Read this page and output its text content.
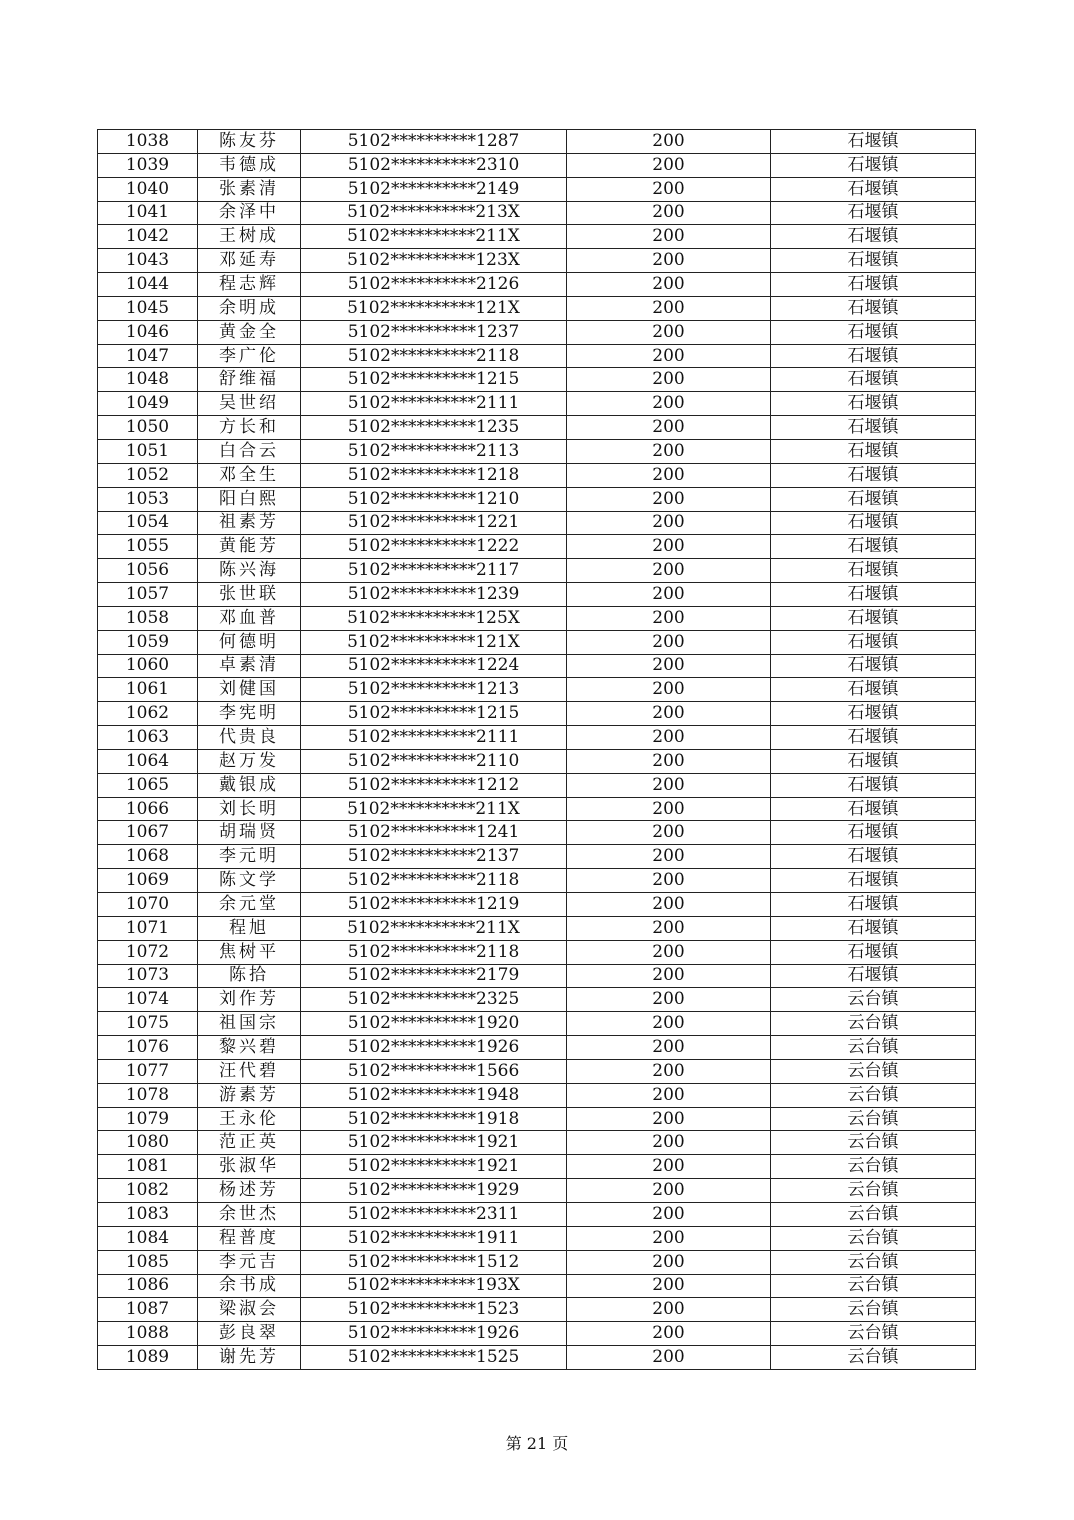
1038	陈友芬	5102**********1287	200	石堰镇
1039	韦德成	5102**********2310	200	石堰镇
1040	张素清	5102**********2149	200	石堰镇
1041	余泽中	5102**********213X	200	石堰镇
1042	王树成	5102**********211X	200	石堰镇
1043	邓延寿	5102**********123X	200	石堰镇
1044	程志辉	5102**********2126	200	石堰镇
1045	余明成	5102**********121X	200	石堰镇
1046	黄金全	5102**********1237	200	石堰镇
1047	李广伦	5102**********2118	200	石堰镇
1048	舒维福	5102**********1215	200	石堰镇
1049	吴世绍	5102**********2111	200	石堰镇
1050	方长和	5102**********1235	200	石堰镇
1051	白合云	5102**********2113	200	石堰镇
1052	邓全生	5102**********1218	200	石堰镇
1053	阳白熙	5102**********1210	200	石堰镇
1054	祖素芳	5102**********1221	200	石堰镇
1055	黄能芳	5102**********1222	200	石堰镇
1056	陈兴海	5102**********2117	200	石堰镇
1057	张世联	5102**********1239	200	石堰镇
1058	邓血普	5102**********125X	200	石堰镇
1059	何德明	5102**********121X	200	石堰镇
1060	卓素清	5102**********1224	200	石堰镇
1061	刘健国	5102**********1213	200	石堰镇
1062	李宪明	5102**********1215	200	石堰镇
1063	代贵良	5102**********2111	200	石堰镇
1064	赵万发	5102**********2110	200	石堰镇
1065	戴银成	5102**********1212	200	石堰镇
1066	刘长明	5102**********211X	200	石堰镇
1067	胡瑞贤	5102**********1241	200	石堰镇
1068	李元明	5102**********2137	200	石堰镇
1069	陈文学	5102**********2118	200	石堰镇
1070	余元堂	5102**********1219	200	石堰镇
1071	程旭	5102**********211X	200	石堰镇
1072	焦树平	5102**********2118	200	石堰镇
1073	陈拾	5102**********2179	200	石堰镇
1074	刘作芳	5102**********2325	200	云台镇
1075	祖国宗	5102**********1920	200	云台镇
1076	黎兴碧	5102**********1926	200	云台镇
1077	汪代碧	5102**********1566	200	云台镇
1078	游素芳	5102**********1948	200	云台镇
1079	王永伦	5102**********1918	200	云台镇
1080	范正英	5102**********1921	200	云台镇
1081	张淑华	5102**********1921	200	云台镇
1082	杨述芳	5102**********1929	200	云台镇
1083	余世杰	5102**********2311	200	云台镇
1084	程普度	5102**********1911	200	云台镇
1085	李元吉	5102**********1512	200	云台镇
1086	余书成	5102**********193X	200	云台镇
1087	梁淑会	5102**********1523	200	云台镇
1088	彭良翠	5102**********1926	200	云台镇
1089	谢先芳	5102**********1525	200	云台镇
第 21 页
